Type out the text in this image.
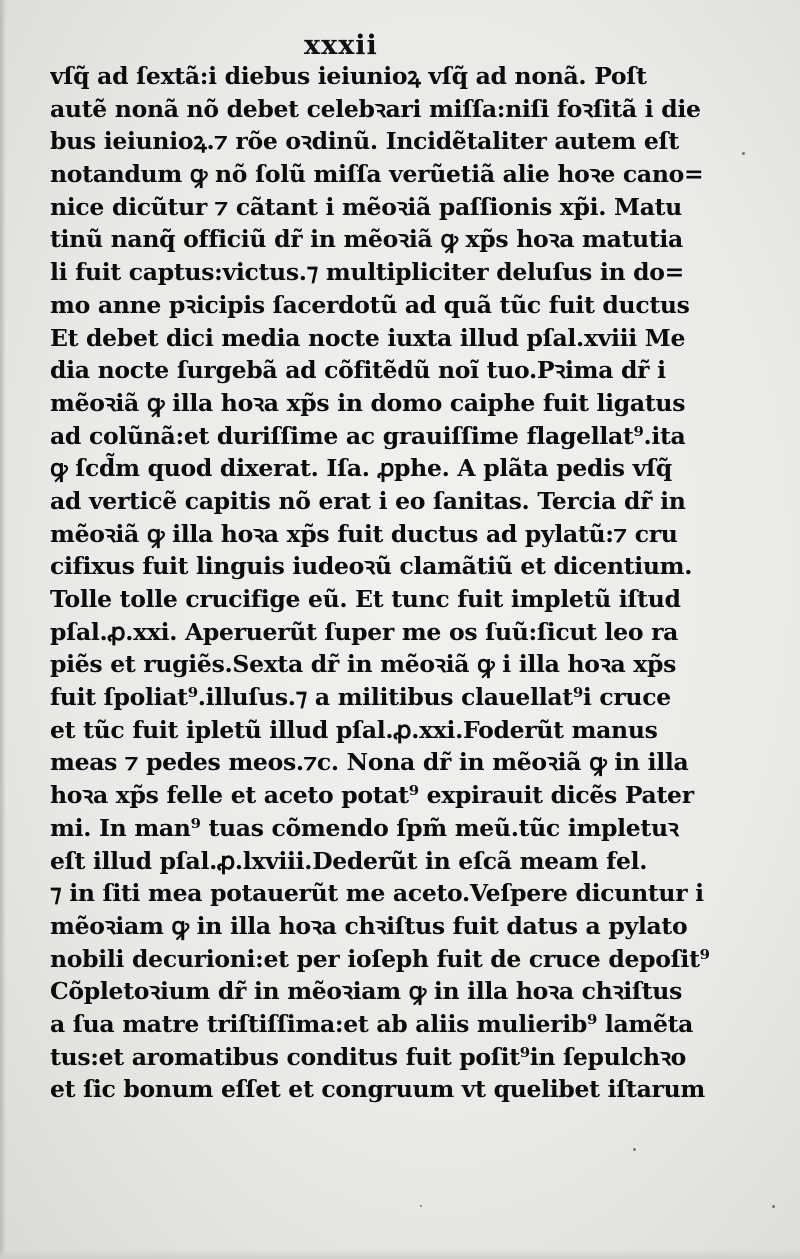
xxxii
vſq̃ ad ſextã:i diebus ieiunioꝝ vſq̃ ad nonã. Poſt
autẽ nonã nõ debet celebꝛari miſſa:niſi foꝛſitã i die
bus ieiunioꝝ.⁊ rõe oꝛdinũ. Incidẽtaliter autem eſt
notandum ꝙ nõ ſolũ miſſa verũetiã alie hoꝛe cano=
nice dicũtur ⁊ cãtant i mẽoꝛiã paſſionis xp̃i. Matu
tinũ nanq̃ officiũ dr̃ in mẽoꝛiã ꝙ xp̃s hoꝛa matutia
li fuit captus:victus.⁊ multipliciter deluſus in do=
mo anne pꝛicipis ſacerdotũ ad quã tũc fuit ductus
Et debet dici media nocte iuxta illud pſal.xviii Me
dia nocte ſurgebã ad cõfitẽdũ noĩ tuo.Pꝛima dr̃ i
mẽoꝛiã ꝙ illa hoꝛa xp̃s in domo caiphe fuit ligatus
ad colũnã:et duriſſime ac grauiſſime flagellat⁹.ita
ꝙ ſcd̃m quod dixerat. Iſa. ꝓphe. A plãta pedis vſq̃
ad verticẽ capitis nõ erat i eo ſanitas. Tercia dr̃ in
mẽoꝛiã ꝙ illa hoꝛa xp̃s fuit ductus ad pylatũ:⁊ cru
cifixus fuit linguis iudeoꝛũ clamãtiũ et dicentium.
Tolle tolle crucifige eũ. Et tunc fuit impletũ iſtud
pſal.ꝓ.xxi. Aperuerũt ſuper me os ſuũ:ſicut leo ra
piẽs et rugiẽs.Sexta dr̃ in mẽoꝛiã ꝙ i illa hoꝛa xp̃s
fuit ſpoliat⁹.illuſus.⁊ a militibus clauellat⁹i cruce
et tũc fuit ipletũ illud pſal.ꝓ.xxi.Foderũt manus
meas ⁊ pedes meos.⁊c. Nona dr̃ in mẽoꝛiã ꝙ in illa
hoꝛa xp̃s felle et aceto potat⁹ expirauit dicẽs Pater
mi. In man⁹ tuas cõmendo ſpm̃ meũ.tũc impletuꝛ
eſt illud pſal.ꝓ.lxviii.Dederũt in eſcã meam fel.
⁊ in ſiti mea potauerũt me aceto.Veſpere dicuntur i
mẽoꝛiam ꝙ in illa hoꝛa chꝛiſtus fuit datus a pylato
nobili decurioni:et per ioſeph fuit de cruce depoſit⁹
Cõpletoꝛium dr̃ in mẽoꝛiam ꝙ in illa hoꝛa chꝛiſtus
a ſua matre triſtiſſima:et ab aliis mulierib⁹ lamẽta
tus:et aromatibus conditus fuit poſit⁹in ſepulchꝛo
et ſic bonum eſſet et congruum vt quelibet iſtarum
